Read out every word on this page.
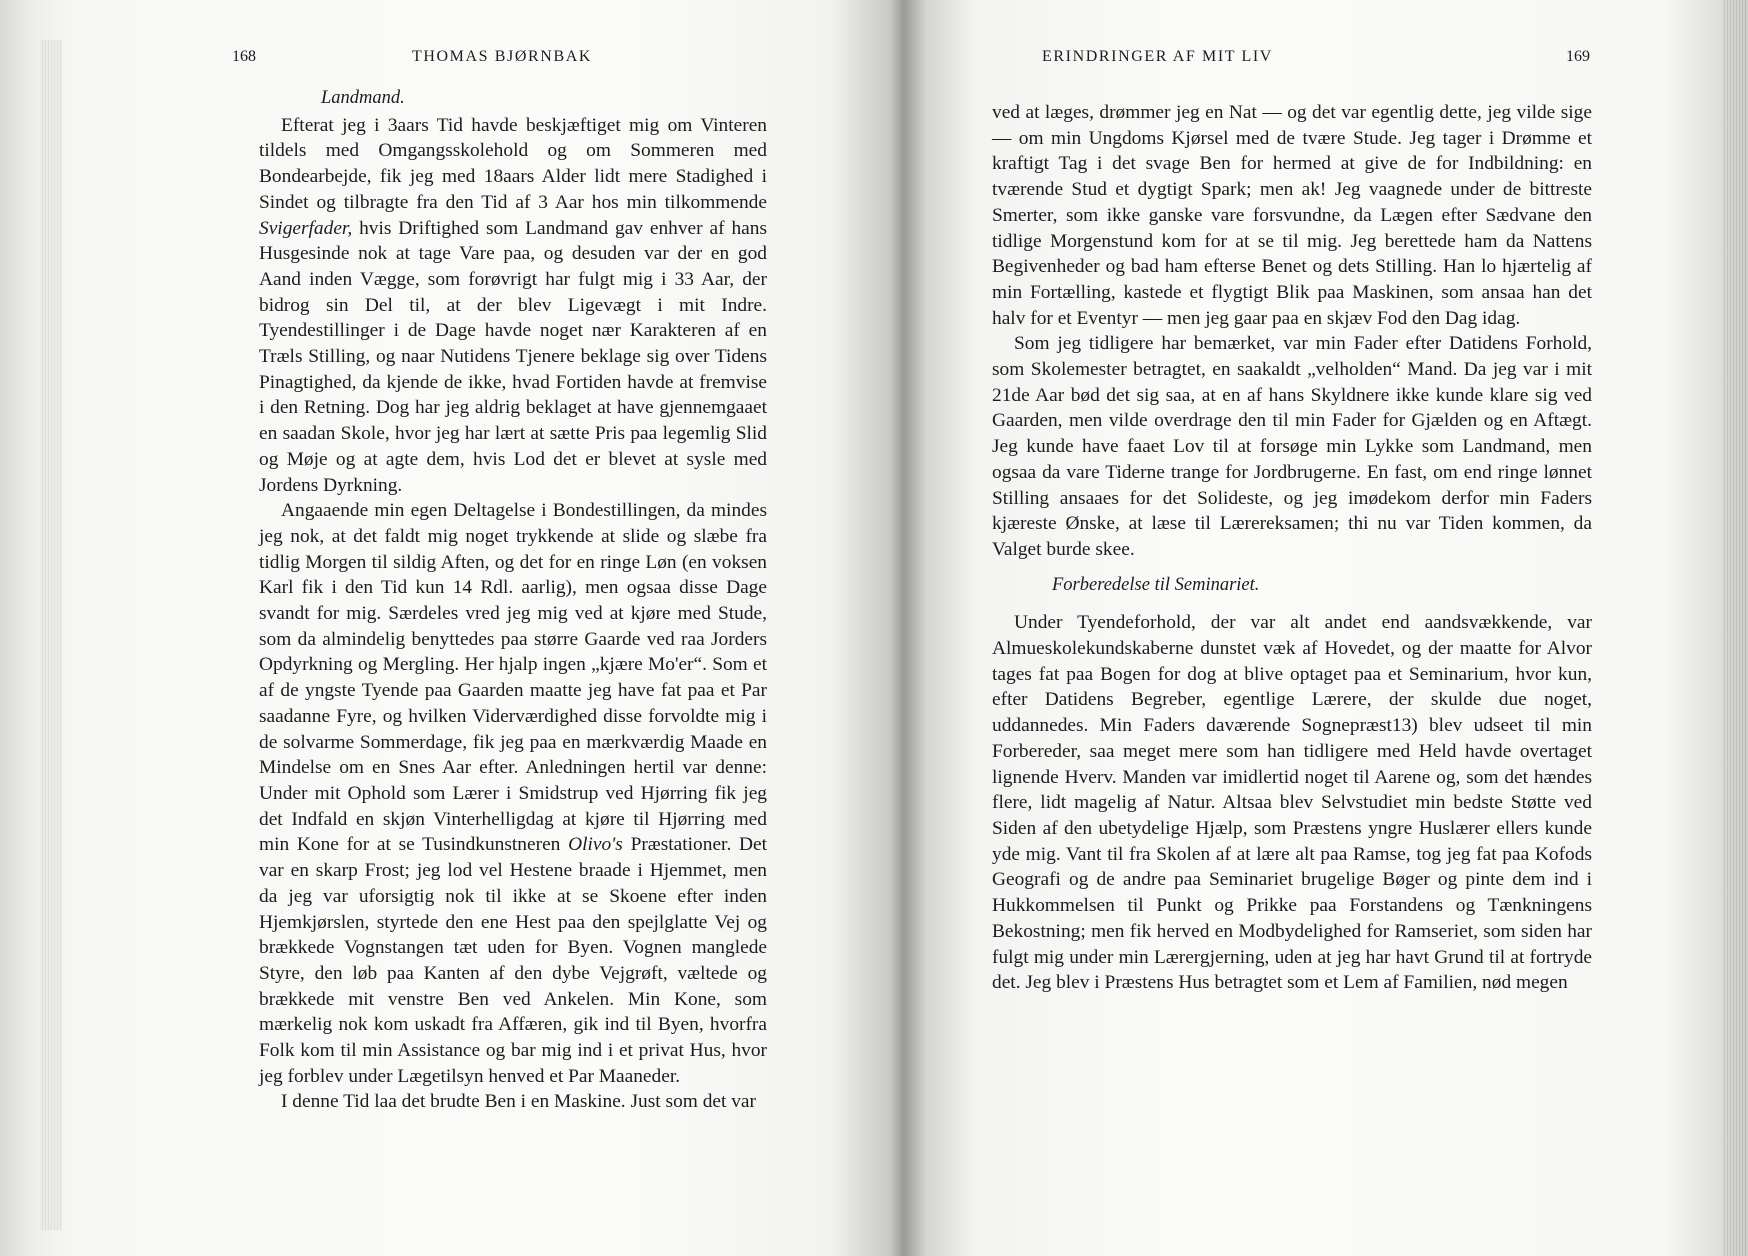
168	THOMAS BJØRNBAK

Landmand.

Efterat jeg i 3aars Tid havde beskjæftiget mig om Vinteren tildels med Omgangsskolehold og om Sommeren med Bondearbejde, fik jeg med 18aars Alder lidt mere Stadighed i Sindet og tilbragte fra den Tid af 3 Aar hos min tilkommende Svigerfader, hvis Driftighed som Landmand gav enhver af hans Husgesinde nok at tage Vare paa, og desuden var der en god Aand inden Vægge, som forøvrigt har fulgt mig i 33 Aar, der bidrog sin Del til, at der blev Ligevægt i mit Indre. Tyendestillinger i de Dage havde noget nær Karakteren af en Træls Stilling, og naar Nutidens Tjenere beklage sig over Tidens Pinagtighed, da kjende de ikke, hvad Fortiden havde at fremvise i den Retning. Dog har jeg aldrig beklaget at have gjennemgaaet en saadan Skole, hvor jeg har lært at sætte Pris paa legemlig Slid og Møje og at agte dem, hvis Lod det er blevet at sysle med Jordens Dyrkning.

Angaaende min egen Deltagelse i Bondestillingen, da mindes jeg nok, at det faldt mig noget trykkende at slide og slæbe fra tidlig Morgen til sildig Aften, og det for en ringe Løn (en voksen Karl fik i den Tid kun 14 Rdl. aarlig), men ogsaa disse Dage svandt for mig. Særdeles vred jeg mig ved at kjøre med Stude, som da almindelig benyttedes paa større Gaarde ved raa Jorders Opdyrkning og Mergling. Her hjalp ingen „kjære Mo'er“. Som et af de yngste Tyende paa Gaarden maatte jeg have fat paa et Par saadanne Fyre, og hvilken Viderværdighed disse forvoldte mig i de solvarme Sommerdage, fik jeg paa en mærkværdig Maade en Mindelse om en Snes Aar efter. Anledningen hertil var denne: Under mit Ophold som Lærer i Smidstrup ved Hjørring fik jeg det Indfald en skjøn Vinterhelligdag at kjøre til Hjørring med min Kone for at se Tusindkunstneren Olivo's Præstationer. Det var en skarp Frost; jeg lod vel Hestene braade i Hjemmet, men da jeg var uforsigtig nok til ikke at se Skoene efter inden Hjemkjørslen, styrtede den ene Hest paa den spejlglatte Vej og brækkede Vognstangen tæt uden for Byen. Vognen manglede Styre, den løb paa Kanten af den dybe Vejgrøft, væltede og brækkede mit venstre Ben ved Ankelen. Min Kone, som mærkelig nok kom uskadt fra Affæren, gik ind til Byen, hvorfra Folk kom til min Assistance og bar mig ind i et privat Hus, hvor jeg forblev under Lægetilsyn henved et Par Maaneder.

I denne Tid laa det brudte Ben i en Maskine. Just som det var

ERINDRINGER AF MIT LIV	169

ved at læges, drømmer jeg en Nat — og det var egentlig dette, jeg vilde sige — om min Ungdoms Kjørsel med de tvære Stude. Jeg tager i Drømme et kraftigt Tag i det svage Ben for hermed at give de for Indbildning: en tværende Stud et dygtigt Spark; men ak! Jeg vaagnede under de bittreste Smerter, som ikke ganske vare forsvundne, da Lægen efter Sædvane den tidlige Morgenstund kom for at se til mig. Jeg berettede ham da Nattens Begivenheder og bad ham efterse Benet og dets Stilling. Han lo hjærtelig af min Fortælling, kastede et flygtigt Blik paa Maskinen, som ansaa han det halv for et Eventyr — men jeg gaar paa en skjæv Fod den Dag idag.

Som jeg tidligere har bemærket, var min Fader efter Datidens Forhold, som Skolemester betragtet, en saakaldt „velholden“ Mand. Da jeg var i mit 21de Aar bød det sig saa, at en af hans Skyldnere ikke kunde klare sig ved Gaarden, men vilde overdrage den til min Fader for Gjælden og en Aftægt. Jeg kunde have faaet Lov til at forsøge min Lykke som Landmand, men ogsaa da vare Tiderne trange for Jordbrugerne. En fast, om end ringe lønnet Stilling ansaaes for det Solideste, og jeg imødekom derfor min Faders kjæreste Ønske, at læse til Lærereksamen; thi nu var Tiden kommen, da Valget burde skee.

Forberedelse til Seminariet.

Under Tyendeforhold, der var alt andet end aandsvækkende, var Almueskolekundskaberne dunstet væk af Hovedet, og der maatte for Alvor tages fat paa Bogen for dog at blive optaget paa et Seminarium, hvor kun, efter Datidens Begreber, egentlige Lærere, der skulde due noget, uddannedes. Min Faders daværende Sognepræst13) blev udseet til min Forbereder, saa meget mere som han tidligere med Held havde overtaget lignende Hverv. Manden var imidlertid noget til Aarene og, som det hændes flere, lidt magelig af Natur. Altsaa blev Selvstudiet min bedste Støtte ved Siden af den ubetydelige Hjælp, som Præstens yngre Huslærer ellers kunde yde mig. Vant til fra Skolen af at lære alt paa Ramse, tog jeg fat paa Kofods Geografi og de andre paa Seminariet brugelige Bøger og pinte dem ind i Hukkommelsen til Punkt og Prikke paa Forstandens og Tænkningens Bekostning; men fik herved en Modbydelighed for Ramseriet, som siden har fulgt mig under min Lærergjerning, uden at jeg har havt Grund til at fortryde det. Jeg blev i Præstens Hus betragtet som et Lem af Familien, nød megen
